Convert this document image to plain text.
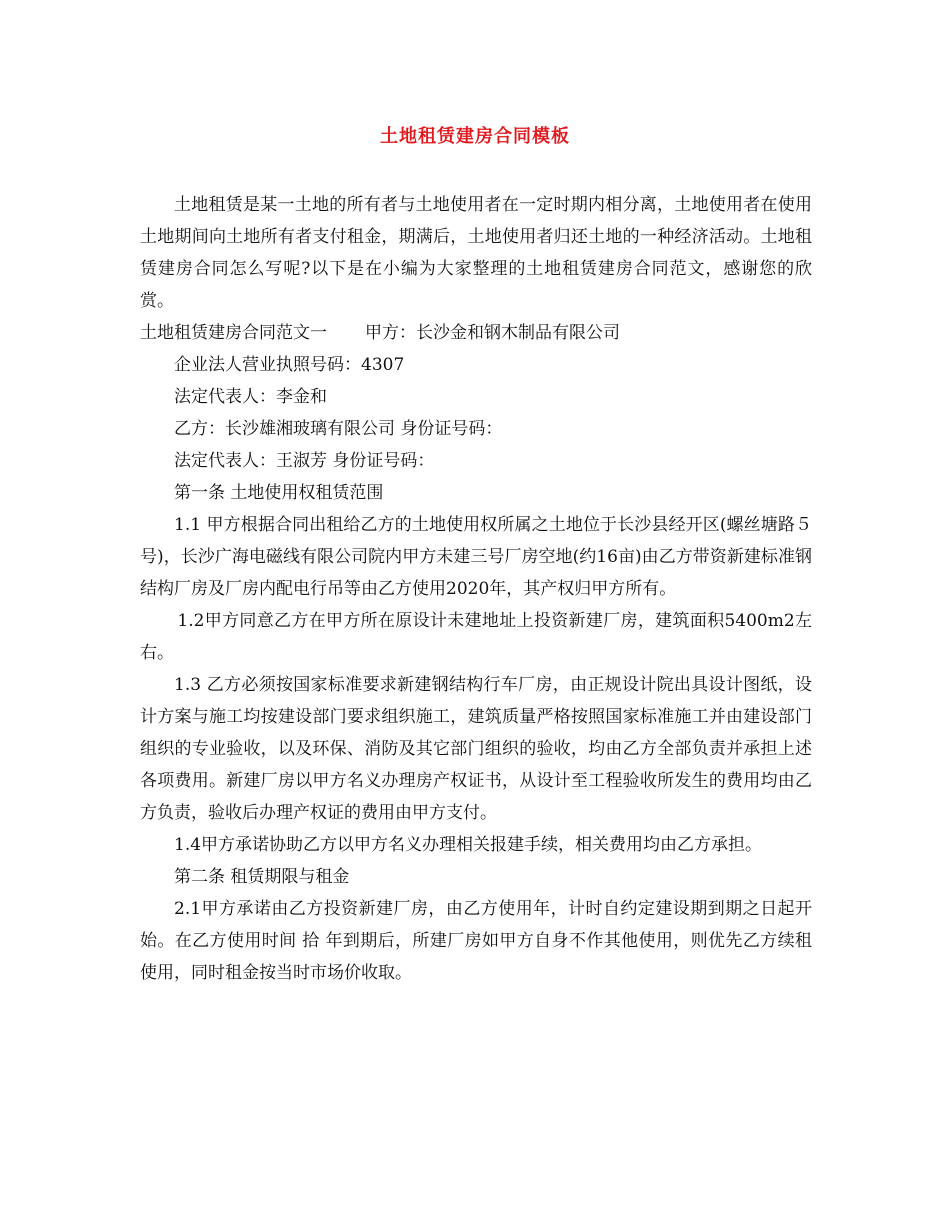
土地租赁建房合同模板

土地租赁是某一土地的所有者与土地使用者在一定时期内相分离，土地使用者在使用土地期间向土地所有者支付租金，期满后，土地使用者归还土地的一种经济活动。土地租赁建房合同怎么写呢?以下是在小编为大家整理的土地租赁建房合同范文，感谢您的欣赏。

土地租赁建房合同范文一 甲方：长沙金和钢木制品有限公司

企业法人营业执照号码：4307

法定代表人：李金和

乙方：长沙雄湘玻璃有限公司 身份证号码：

法定代表人：王淑芳 身份证号码：

第一条 土地使用权租赁范围

1.1 甲方根据合同出租给乙方的土地使用权所属之土地位于长沙县经开区(螺丝塘路５号)，长沙广海电磁线有限公司院内甲方未建三号厂房空地(约16亩)由乙方带资新建标准钢结构厂房及厂房内配电行吊等由乙方使用2020年，其产权归甲方所有。

1.2甲方同意乙方在甲方所在原设计未建地址上投资新建厂房，建筑面积5400m2左右。

1.3 乙方必须按国家标准要求新建钢结构行车厂房，由正规设计院出具设计图纸，设计方案与施工均按建设部门要求组织施工，建筑质量严格按照国家标准施工并由建设部门组织的专业验收，以及环保、消防及其它部门组织的验收，均由乙方全部负责并承担上述各项费用。新建厂房以甲方名义办理房产权证书，从设计至工程验收所发生的费用均由乙方负责，验收后办理产权证的费用由甲方支付。

1.4甲方承诺协助乙方以甲方名义办理相关报建手续，相关费用均由乙方承担。

第二条 租赁期限与租金

2.1甲方承诺由乙方投资新建厂房，由乙方使用年，计时自约定建设期到期之日起开始。在乙方使用时间 拾 年到期后，所建厂房如甲方自身不作其他使用，则优先乙方续租使用，同时租金按当时市场价收取。
